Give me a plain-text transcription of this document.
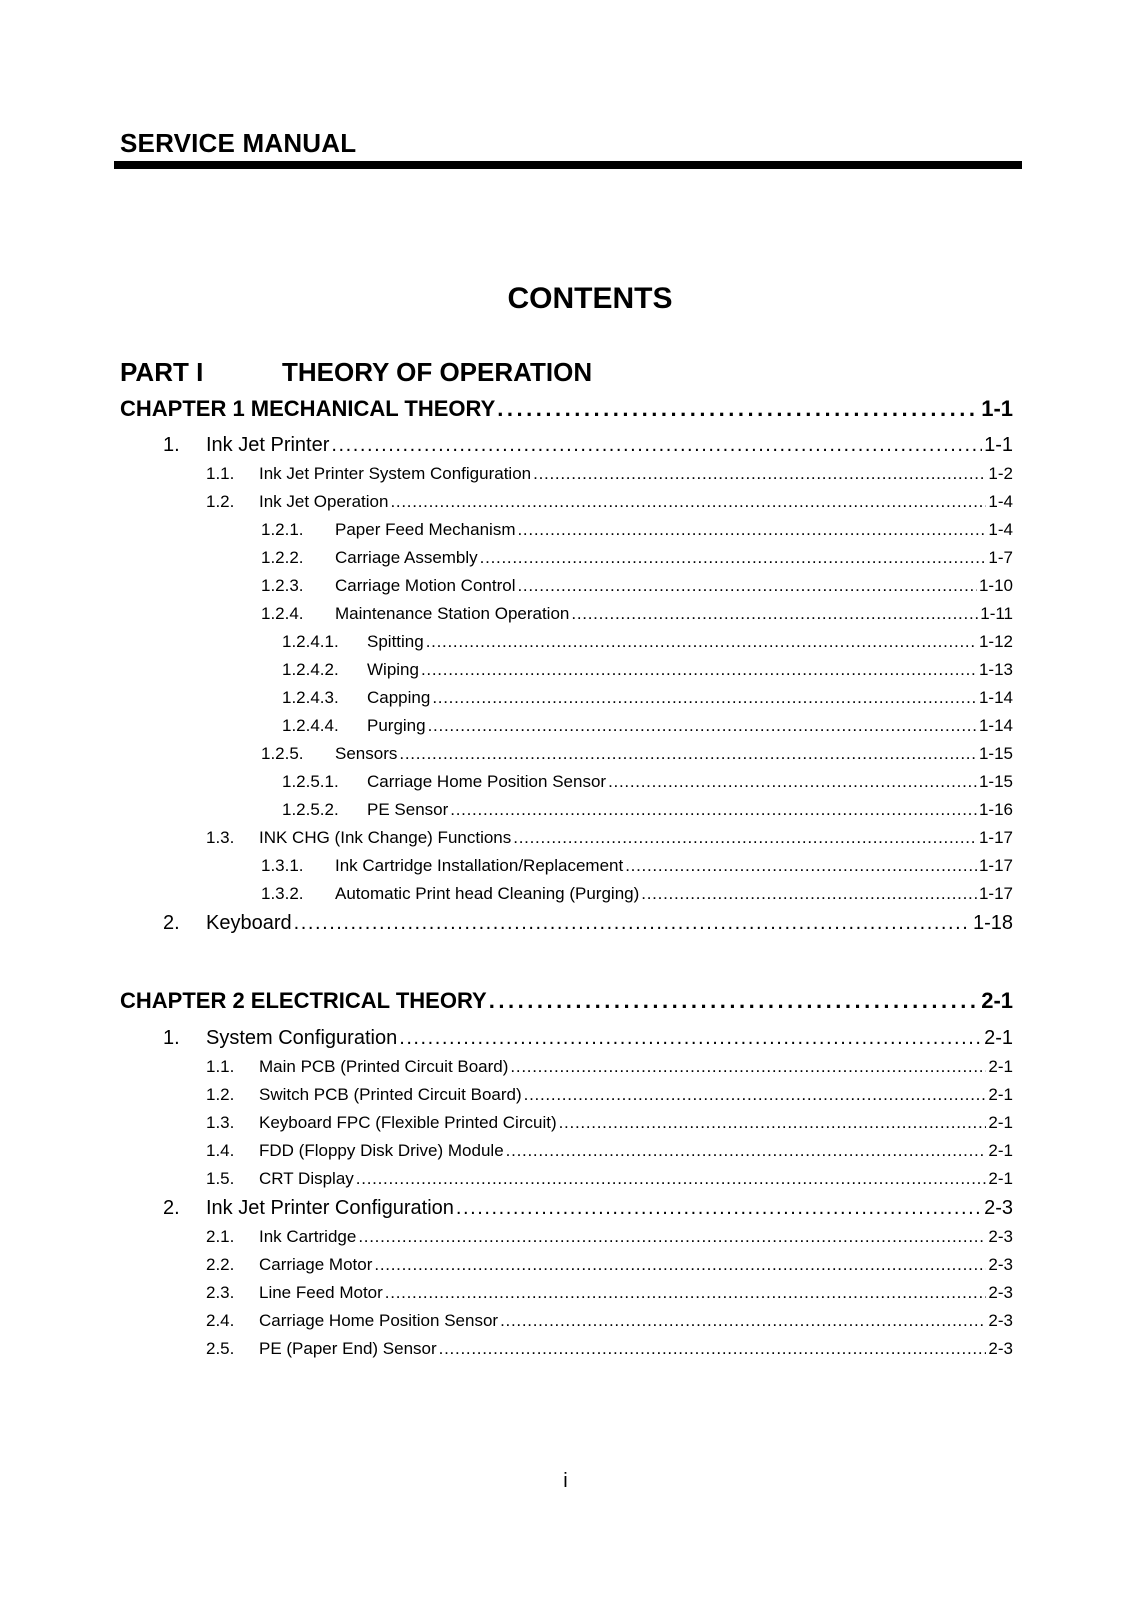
SERVICE MANUAL
CONTENTS
PART I	THEORY OF OPERATION
CHAPTER 1 MECHANICAL THEORY . . .	1-1
1.	Ink Jet Printer . . .	1-1
1.1.	Ink Jet Printer System Configuration . . .	1-2
1.2.	Ink Jet Operation . . .	1-4
1.2.1.	Paper Feed Mechanism . . .	1-4
1.2.2.	Carriage Assembly . . .	1-7
1.2.3.	Carriage Motion Control . . .	1-10
1.2.4.	Maintenance Station Operation . . .	1-11
1.2.4.1.	Spitting . . .	1-12
1.2.4.2.	Wiping . . .	1-13
1.2.4.3.	Capping . . .	1-14
1.2.4.4.	Purging . . .	1-14
1.2.5.	Sensors . . .	1-15
1.2.5.1.	Carriage Home Position Sensor . . .	1-15
1.2.5.2.	PE Sensor . . .	1-16
1.3.	INK CHG (Ink Change) Functions . . .	1-17
1.3.1.	Ink Cartridge Installation/Replacement . . .	1-17
1.3.2.	Automatic Print head Cleaning (Purging) . . .	1-17
2.	Keyboard . . .	1-18
CHAPTER 2 ELECTRICAL THEORY . . .	2-1
1.	System Configuration . . .	2-1
1.1.	Main PCB (Printed Circuit Board) . . .	2-1
1.2.	Switch PCB (Printed Circuit Board) . . .	2-1
1.3.	Keyboard FPC (Flexible Printed Circuit) . . .	2-1
1.4.	FDD (Floppy Disk Drive) Module . . .	2-1
1.5.	CRT Display . . .	2-1
2.	Ink Jet Printer Configuration . . .	2-3
2.1.	Ink Cartridge . . .	2-3
2.2.	Carriage Motor . . .	2-3
2.3.	Line Feed Motor . . .	2-3
2.4.	Carriage Home Position Sensor . . .	2-3
2.5.	PE (Paper End) Sensor . . .	2-3
i
